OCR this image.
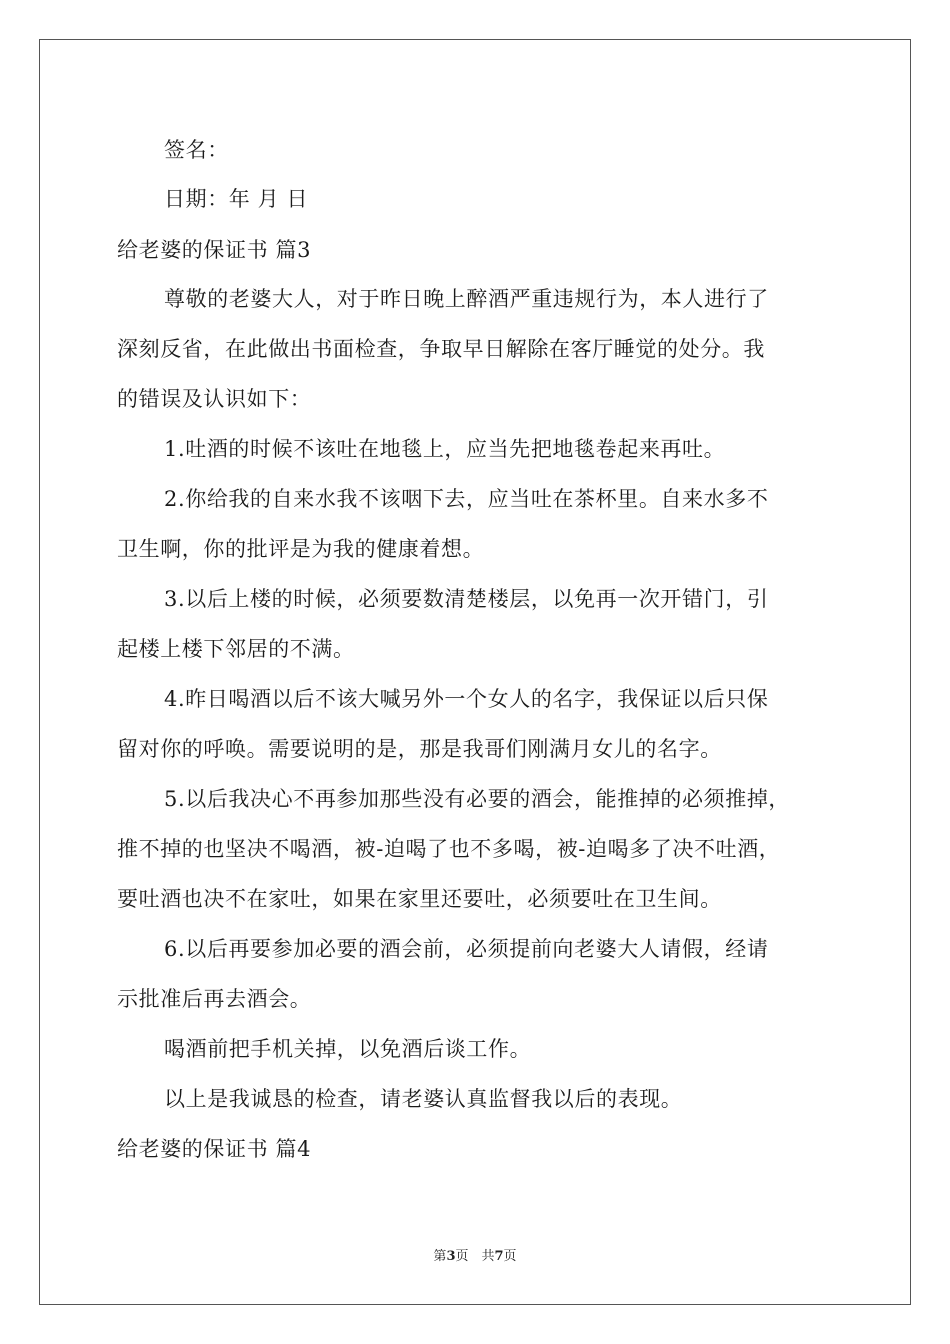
签名：
日期：年 月 日
给老婆的保证书 篇3
尊敬的老婆大人，对于昨日晚上醉酒严重违规行为，本人进行了
深刻反省，在此做出书面检查，争取早日解除在客厅睡觉的处分。我
的错误及认识如下：
1.吐酒的时候不该吐在地毯上，应当先把地毯卷起来再吐。
2.你给我的自来水我不该咽下去，应当吐在茶杯里。自来水多不
卫生啊，你的批评是为我的健康着想。
3.以后上楼的时候，必须要数清楚楼层，以免再一次开错门，引
起楼上楼下邻居的不满。
4.昨日喝酒以后不该大喊另外一个女人的名字，我保证以后只保
留对你的呼唤。需要说明的是，那是我哥们刚满月女儿的名字。
5.以后我决心不再参加那些没有必要的酒会，能推掉的必须推掉，
推不掉的也坚决不喝酒，被-迫喝了也不多喝，被-迫喝多了决不吐酒，
要吐酒也决不在家吐，如果在家里还要吐，必须要吐在卫生间。
6.以后再要参加必要的酒会前，必须提前向老婆大人请假，经请
示批准后再去酒会。
喝酒前把手机关掉，以免酒后谈工作。
以上是我诚恳的检查，请老婆认真监督我以后的表现。
给老婆的保证书 篇4
第3页　共7页
